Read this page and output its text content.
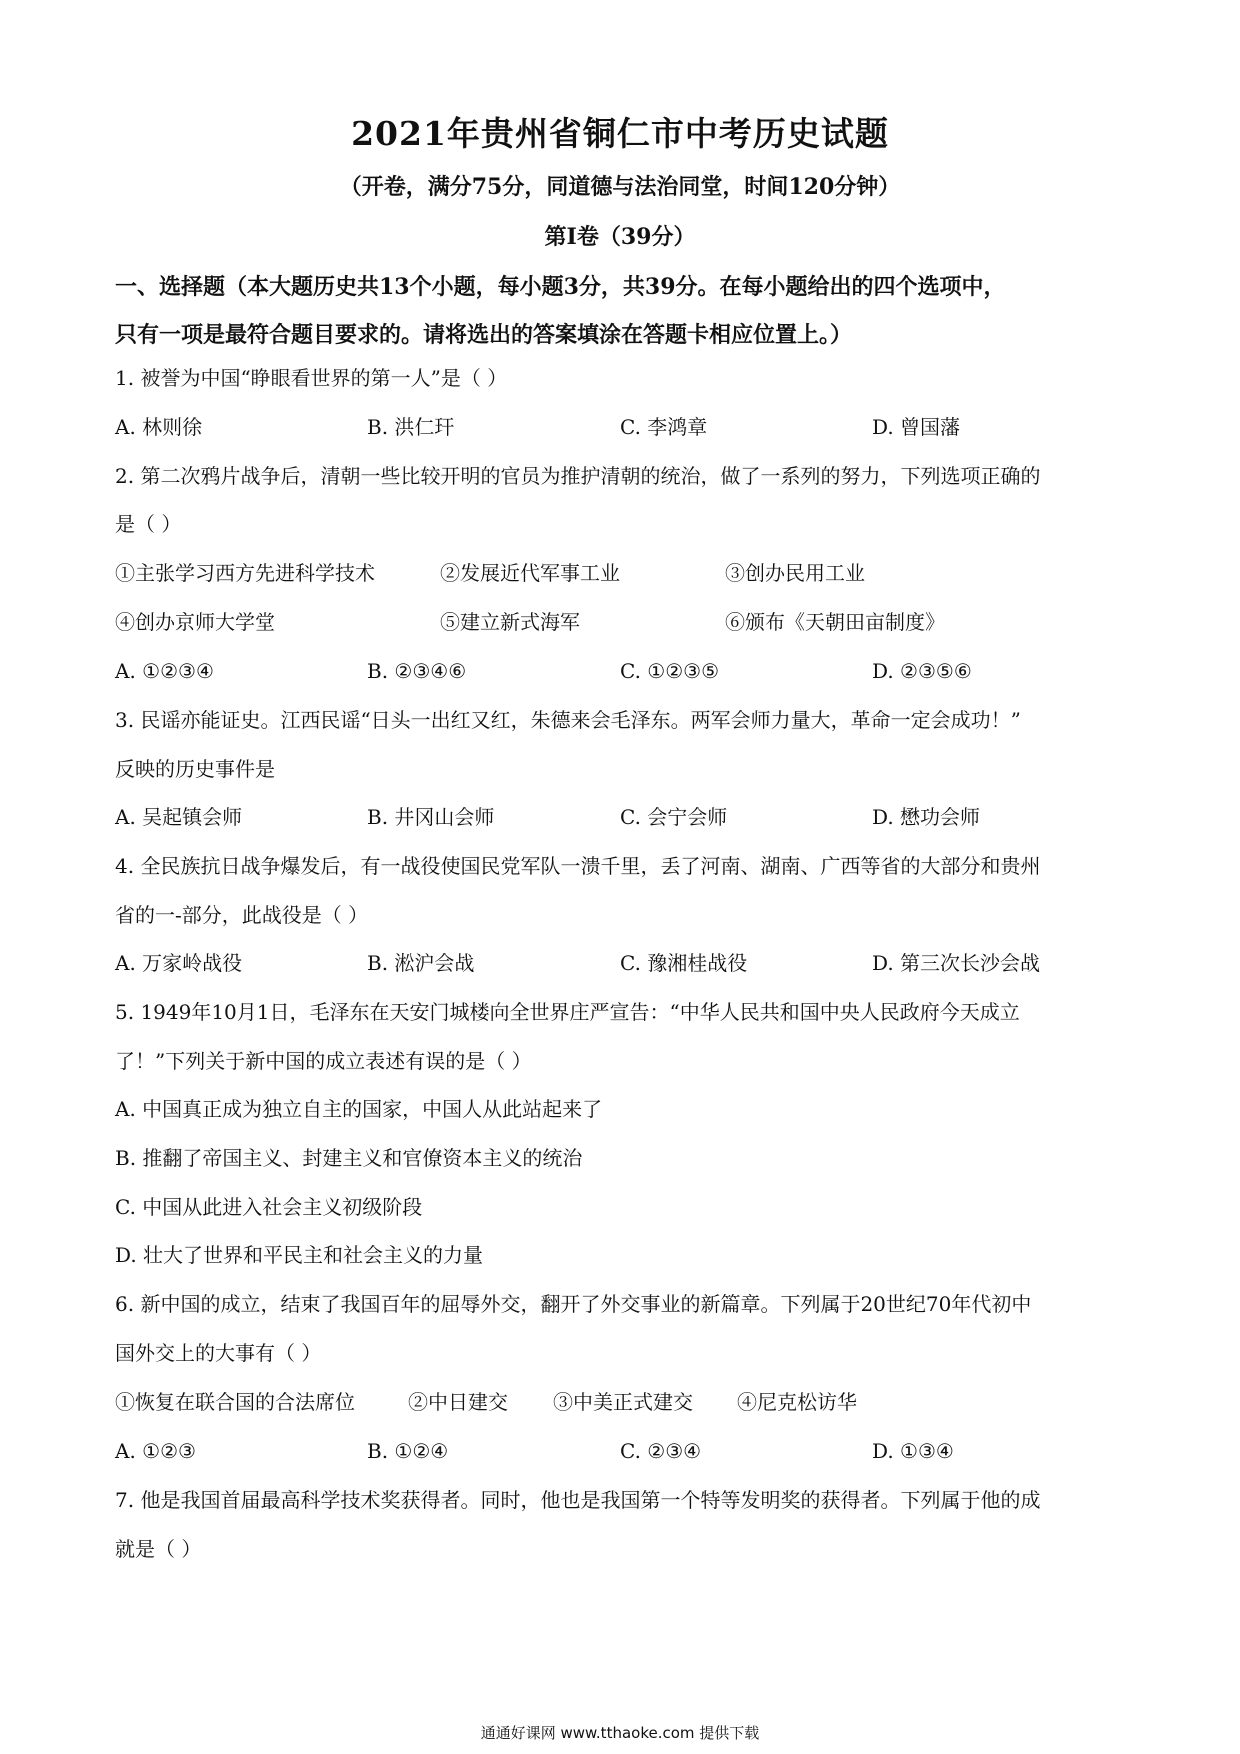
2021年贵州省铜仁市中考历史试题
（开卷，满分75分，同道德与法治同堂，时间120分钟）
第Ⅰ卷（39分）
一、选择题（本大题历史共13个小题，每小题3分，共39分。在每小题给出的四个选项中，
只有一项是最符合题目要求的。请将选出的答案填涂在答题卡相应位置上。）
1. 被誉为中国“睁眼看世界的第一人”是（ ）
A. 林则徐	B. 洪仁玕	C. 李鸿章	D. 曾国藩
2. 第二次鸦片战争后，清朝一些比较开明的官员为推护清朝的统治，做了一系列的努力，下列选项正确的
是（ ）
①主张学习西方先进科学技术	②发展近代军事工业	③创办民用工业
④创办京师大学堂	⑤建立新式海军	⑥颁布《天朝田亩制度》
A. ①②③④	B. ②③④⑥	C. ①②③⑤	D. ②③⑤⑥
3. 民谣亦能证史。江西民谣“日头一出红又红，朱德来会毛泽东。两军会师力量大，革命一定会成功！”
反映的历史事件是
A. 吴起镇会师	B. 井冈山会师	C. 会宁会师	D. 懋功会师
4. 全民族抗日战争爆发后，有一战役使国民党军队一溃千里，丢了河南、湖南、广西等省的大部分和贵州
省的一-部分，此战役是（ ）
A. 万家岭战役	B. 淞沪会战	C. 豫湘桂战役	D. 第三次长沙会战
5. 1949年10月1日，毛泽东在天安门城楼向全世界庄严宣告：“中华人民共和国中央人民政府今天成立
了！”下列关于新中国的成立表述有误的是（ ）
A. 中国真正成为独立自主的国家，中国人从此站起来了
B. 推翻了帝国主义、封建主义和官僚资本主义的统治
C. 中国从此进入社会主义初级阶段
D. 壮大了世界和平民主和社会主义的力量
6. 新中国的成立，结束了我国百年的屈辱外交，翻开了外交事业的新篇章。下列属于20世纪70年代初中
国外交上的大事有（ ）
①恢复在联合国的合法席位	②中日建交 ③中美正式建交 ④尼克松访华
A. ①②③	B. ①②④	C. ②③④	D. ①③④
7. 他是我国首届最高科学技术奖获得者。同时，他也是我国第一个特等发明奖的获得者。下列属于他的成
就是（ ）
通通好课网 www.tthaoke.com 提供下载
